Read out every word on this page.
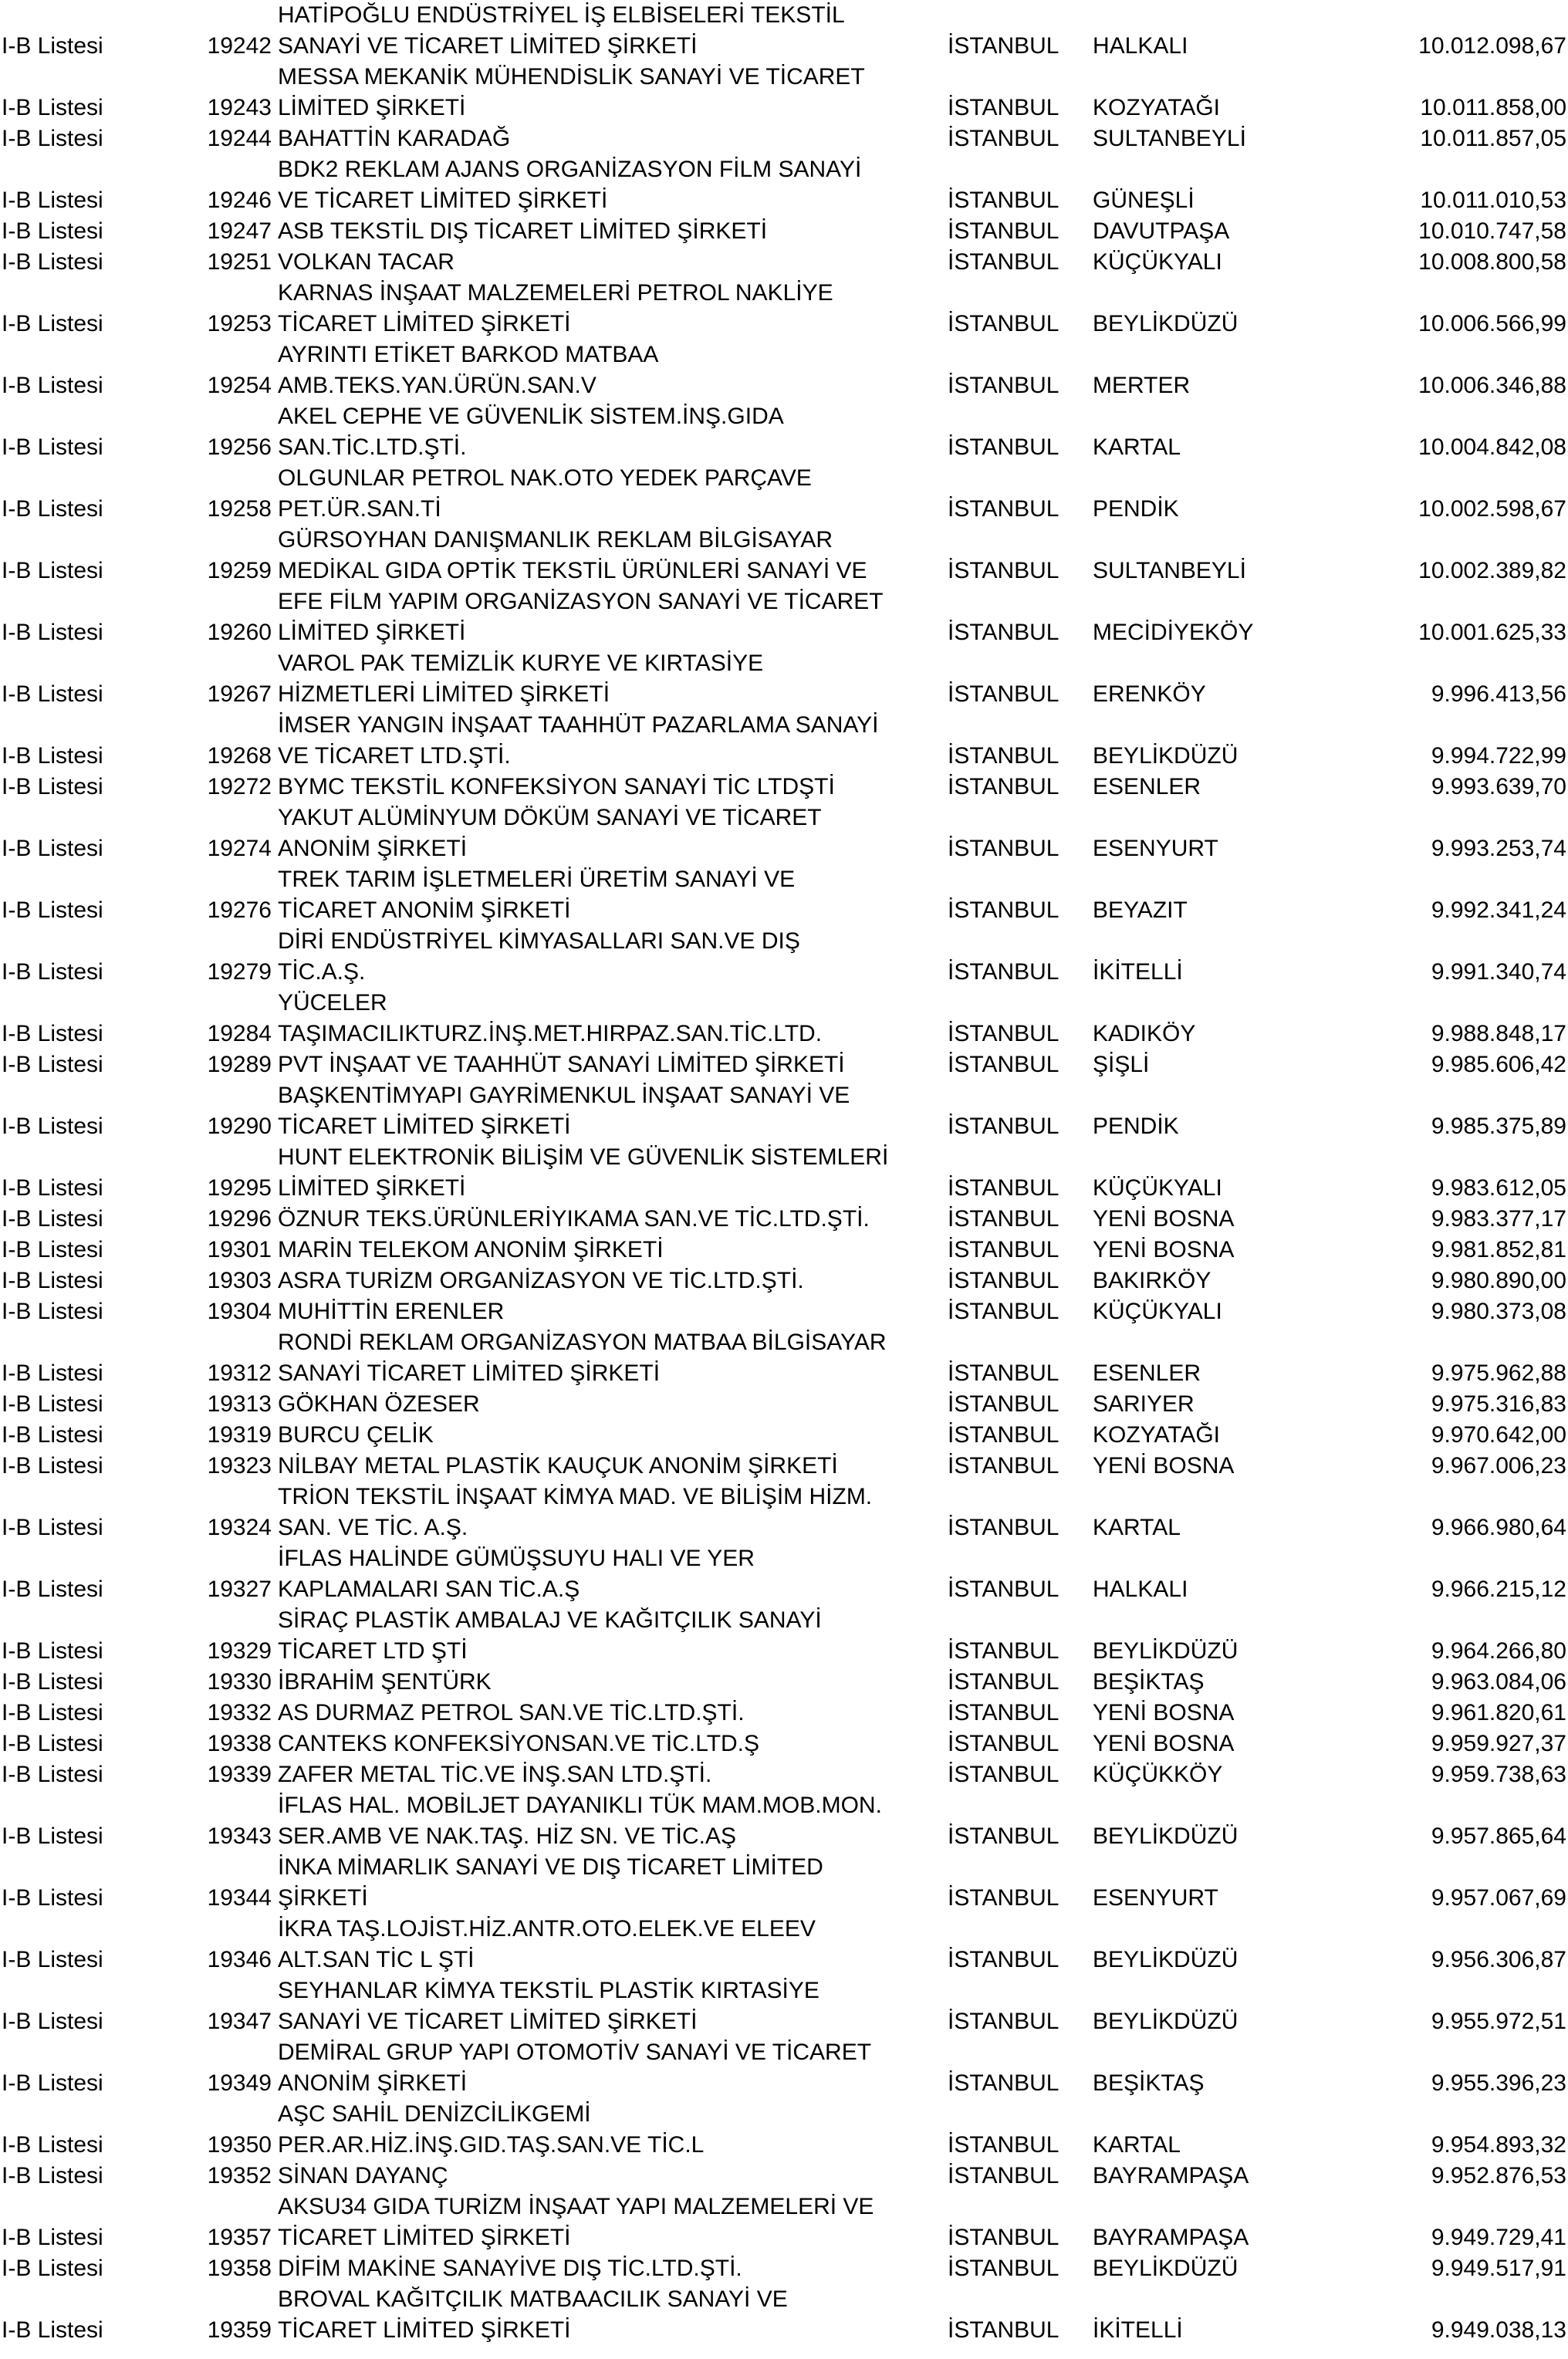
I-B Listesi	19242
HATİPOĞLU ENDÜSTRİYEL İŞ ELBİSELERİ TEKSTİL
SANAYİ VE TİCARET LİMİTED ŞİRKETİ	İSTANBUL HALKALI	10.012.098,67
I-B Listesi	19243
MESSA MEKANİK MÜHENDİSLİK SANAYİ VE TİCARET
LİMİTED ŞİRKETİ	İSTANBUL KOZYATAĞI	10.011.858,00
I-B Listesi	19244 BAHATTİN KARADAĞ	İSTANBUL SULTANBEYLİ	10.011.857,05
I-B Listesi	19246
BDK2 REKLAM AJANS ORGANİZASYON FİLM SANAYİ
VE TİCARET LİMİTED ŞİRKETİ	İSTANBUL GÜNEŞLİ	10.011.010,53
I-B Listesi	19247 ASB TEKSTİL DIŞ TİCARET LİMİTED ŞİRKETİ	İSTANBUL DAVUTPAŞA	10.010.747,58
I-B Listesi	19251 VOLKAN TACAR	İSTANBUL KÜÇÜKYALI	10.008.800,58
I-B Listesi	19253
KARNAS İNŞAAT MALZEMELERİ PETROL NAKLİYE
TİCARET LİMİTED ŞİRKETİ	İSTANBUL BEYLİKDÜZÜ	10.006.566,99
I-B Listesi	19254
AYRINTI ETİKET BARKOD MATBAA
AMB.TEKS.YAN.ÜRÜN.SAN.V	İSTANBUL MERTER	10.006.346,88
I-B Listesi	19256
AKEL CEPHE VE GÜVENLİK SİSTEM.İNŞ.GIDA
SAN.TİC.LTD.ŞTİ.	İSTANBUL KARTAL	10.004.842,08
I-B Listesi	19258
OLGUNLAR PETROL NAK.OTO YEDEK PARÇAVE
PET.ÜR.SAN.Tİ	İSTANBUL PENDİK	10.002.598,67
I-B Listesi	19259
GÜRSOYHAN DANIŞMANLIK REKLAM BİLGİSAYAR
MEDİKAL GIDA OPTİK TEKSTİL ÜRÜNLERİ SANAYİ VE	İSTANBUL SULTANBEYLİ	10.002.389,82
I-B Listesi	19260
EFE FİLM YAPIM ORGANİZASYON SANAYİ VE TİCARET
LİMİTED ŞİRKETİ	İSTANBUL MECİDİYEKÖY	10.001.625,33
I-B Listesi	19267
VAROL PAK TEMİZLİK KURYE VE KIRTASİYE
HİZMETLERİ LİMİTED ŞİRKETİ	İSTANBUL ERENKÖY	9.996.413,56
I-B Listesi	19268
İMSER YANGIN İNŞAAT TAAHHÜT PAZARLAMA SANAYİ
VE TİCARET LTD.ŞTİ.	İSTANBUL BEYLİKDÜZÜ	9.994.722,99
I-B Listesi	19272 BYMC TEKSTİL KONFEKSİYON SANAYİ TİC LTDŞTİ	İSTANBUL ESENLER	9.993.639,70
I-B Listesi	19274
YAKUT ALÜMİNYUM DÖKÜM SANAYİ VE TİCARET
ANONİM ŞİRKETİ	İSTANBUL ESENYURT	9.993.253,74
I-B Listesi	19276
TREK TARIM İŞLETMELERİ ÜRETİM SANAYİ VE
TİCARET ANONİM ŞİRKETİ	İSTANBUL BEYAZIT	9.992.341,24
I-B Listesi	19279
DİRİ ENDÜSTRİYEL KİMYASALLARI SAN.VE DIŞ
TİC.A.Ş.	İSTANBUL İKİTELLİ	9.991.340,74
I-B Listesi	19284
YÜCELER
TAŞIMACILIKTURZ.İNŞ.MET.HIRPAZ.SAN.TİC.LTD.	İSTANBUL KADIKÖY	9.988.848,17
I-B Listesi	19289 PVT İNŞAAT VE TAAHHÜT SANAYİ LİMİTED ŞİRKETİ	İSTANBUL ŞİŞLİ	9.985.606,42
I-B Listesi	19290
BAŞKENTİMYAPI GAYRİMENKUL İNŞAAT SANAYİ VE
TİCARET LİMİTED ŞİRKETİ	İSTANBUL PENDİK	9.985.375,89
I-B Listesi	19295
HUNT ELEKTRONİK BİLİŞİM VE GÜVENLİK SİSTEMLERİ
LİMİTED ŞİRKETİ	İSTANBUL KÜÇÜKYALI	9.983.612,05
I-B Listesi	19296 ÖZNUR TEKS.ÜRÜNLERİYIKAMA SAN.VE TİC.LTD.ŞTİ.	İSTANBUL YENİ BOSNA	9.983.377,17
I-B Listesi	19301 MARİN TELEKOM ANONİM ŞİRKETİ	İSTANBUL YENİ BOSNA	9.981.852,81
I-B Listesi	19303 ASRA TURİZM ORGANİZASYON VE TİC.LTD.ŞTİ.	İSTANBUL BAKIRKÖY	9.980.890,00
I-B Listesi	19304 MUHİTTİN ERENLER	İSTANBUL KÜÇÜKYALI	9.980.373,08
I-B Listesi	19312
RONDİ REKLAM ORGANİZASYON MATBAA BİLGİSAYAR
SANAYİ TİCARET LİMİTED ŞİRKETİ	İSTANBUL ESENLER	9.975.962,88
I-B Listesi	19313 GÖKHAN ÖZESER	İSTANBUL SARIYER	9.975.316,83
I-B Listesi	19319 BURCU ÇELİK	İSTANBUL KOZYATAĞI	9.970.642,00
I-B Listesi	19323 NİLBAY METAL PLASTİK KAUÇUK ANONİM ŞİRKETİ	İSTANBUL YENİ BOSNA	9.967.006,23
I-B Listesi	19324
TRİON TEKSTİL İNŞAAT KİMYA MAD. VE BİLİŞİM HİZM.
SAN. VE TİC. A.Ş.	İSTANBUL KARTAL	9.966.980,64
I-B Listesi	19327
İFLAS HALİNDE GÜMÜŞSUYU HALI VE YER
KAPLAMALARI SAN TİC.A.Ş	İSTANBUL HALKALI	9.966.215,12
I-B Listesi	19329
SİRAÇ PLASTİK AMBALAJ VE KAĞITÇILIK SANAYİ
TİCARET LTD ŞTİ	İSTANBUL BEYLİKDÜZÜ	9.964.266,80
I-B Listesi	19330 İBRAHİM ŞENTÜRK	İSTANBUL BEŞİKTAŞ	9.963.084,06
I-B Listesi	19332 AS DURMAZ PETROL SAN.VE TİC.LTD.ŞTİ.	İSTANBUL YENİ BOSNA	9.961.820,61
I-B Listesi	19338 CANTEKS KONFEKSİYONSAN.VE TİC.LTD.Ş	İSTANBUL YENİ BOSNA	9.959.927,37
I-B Listesi	19339 ZAFER METAL TİC.VE İNŞ.SAN LTD.ŞTİ.	İSTANBUL KÜÇÜKKÖY	9.959.738,63
I-B Listesi	19343
İFLAS HAL. MOBİLJET DAYANIKLI TÜK MAM.MOB.MON.
SER.AMB VE NAK.TAŞ. HİZ SN. VE TİC.AŞ	İSTANBUL BEYLİKDÜZÜ	9.957.865,64
I-B Listesi	19344
İNKA MİMARLIK SANAYİ VE DIŞ TİCARET LİMİTED
ŞİRKETİ	İSTANBUL ESENYURT	9.957.067,69
I-B Listesi	19346
İKRA TAŞ.LOJİST.HİZ.ANTR.OTO.ELEK.VE ELEEV
ALT.SAN TİC L ŞTİ	İSTANBUL BEYLİKDÜZÜ	9.956.306,87
I-B Listesi	19347
SEYHANLAR KİMYA TEKSTİL PLASTİK KIRTASİYE
SANAYİ VE TİCARET LİMİTED ŞİRKETİ	İSTANBUL BEYLİKDÜZÜ	9.955.972,51
I-B Listesi	19349
DEMİRAL GRUP YAPI OTOMOTİV SANAYİ VE TİCARET
ANONİM ŞİRKETİ	İSTANBUL BEŞİKTAŞ	9.955.396,23
I-B Listesi	19350
AŞC SAHİL DENİZCİLİKGEMİ
PER.AR.HİZ.İNŞ.GID.TAŞ.SAN.VE TİC.L	İSTANBUL KARTAL	9.954.893,32
I-B Listesi	19352 SİNAN DAYANÇ	İSTANBUL BAYRAMPAŞA	9.952.876,53
I-B Listesi	19357
AKSU34 GIDA TURİZM İNŞAAT YAPI MALZEMELERİ VE
TİCARET LİMİTED ŞİRKETİ	İSTANBUL BAYRAMPAŞA	9.949.729,41
I-B Listesi	19358 DİFİM MAKİNE SANAYİVE DIŞ TİC.LTD.ŞTİ.	İSTANBUL BEYLİKDÜZÜ	9.949.517,91
I-B Listesi	19359
BROVAL KAĞITÇILIK MATBAACILIK SANAYİ VE
TİCARET LİMİTED ŞİRKETİ	İSTANBUL İKİTELLİ	9.949.038,13
